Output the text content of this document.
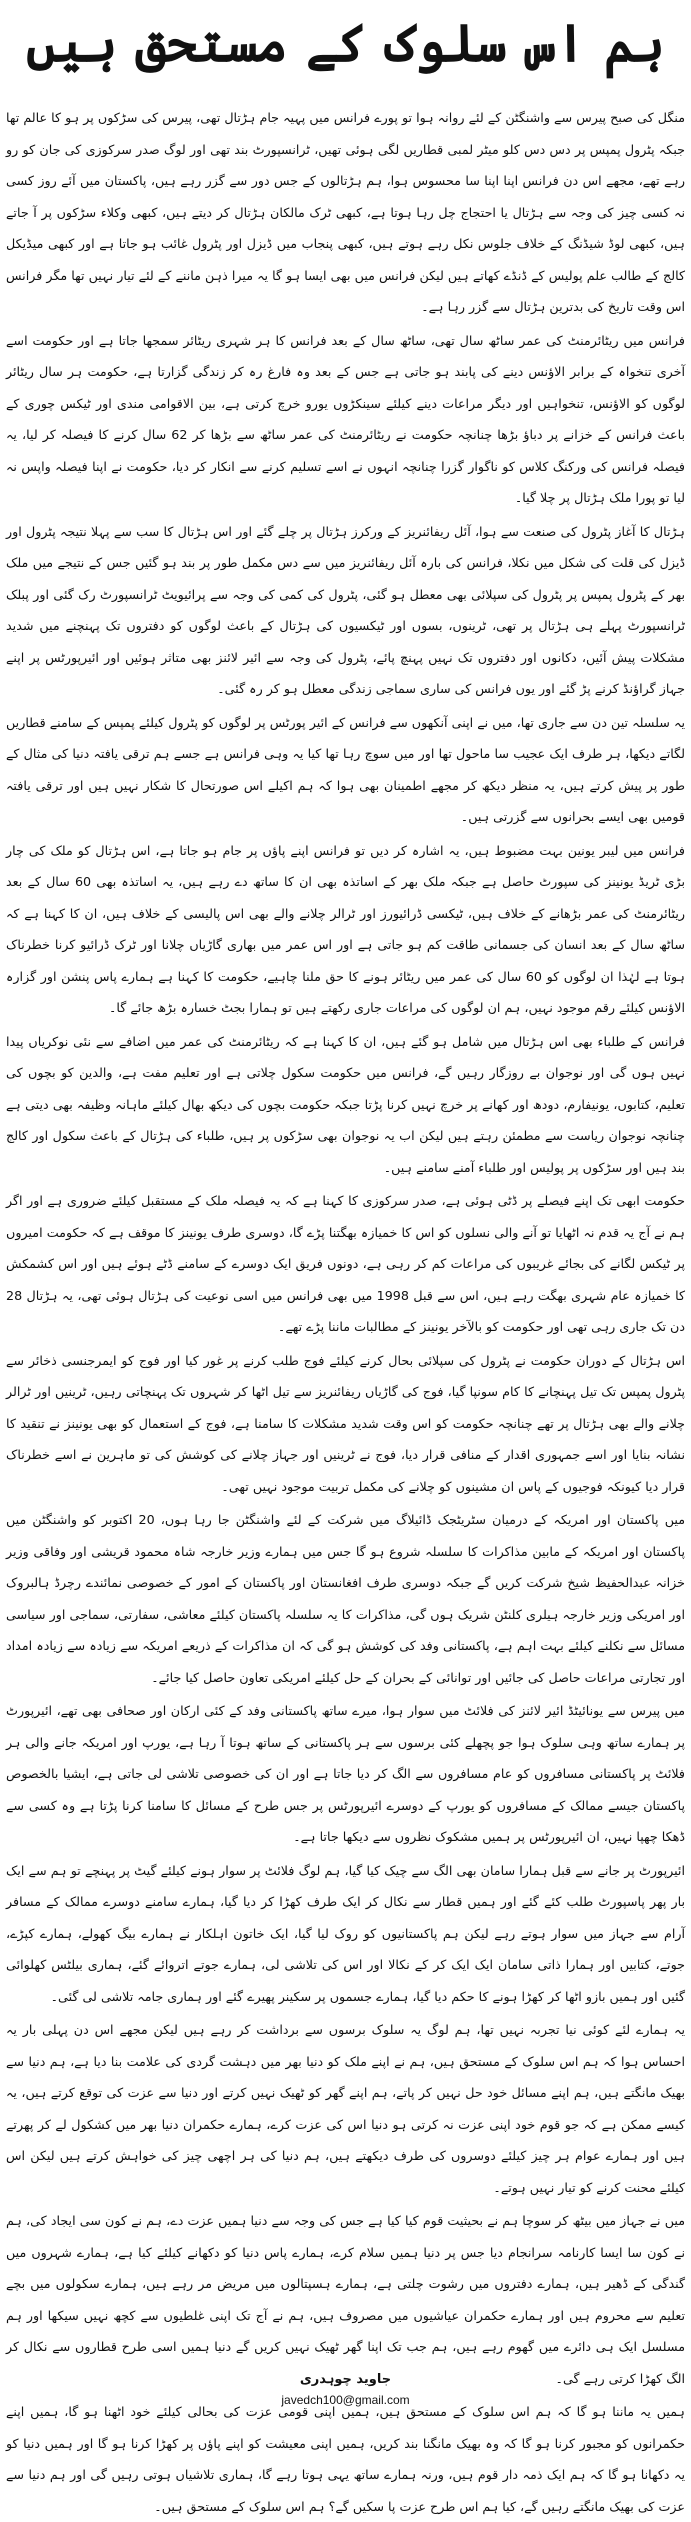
ہم اس سلوک کے مستحق ہیں

منگل کی صبح پیرس سے واشنگٹن کے لئے روانہ ہوا تو پورے فرانس میں پہیہ جام ہڑتال تھی، پیرس کی سڑکوں پر ہو کا عالم تھا جبکہ پٹرول پمپس پر دس دس کلو میٹر لمبی قطاریں لگی ہوئی تھیں، ٹرانسپورٹ بند تھی اور لوگ صدر سرکوزی کی جان کو رو رہے تھے، مجھے اس دن فرانس اپنا اپنا سا محسوس ہوا، ہم ہڑتالوں کے جس دور سے گزر رہے ہیں، پاکستان میں آئے روز کسی نہ کسی چیز کی وجہ سے ہڑتال یا احتجاج چل رہا ہوتا ہے، کبھی ٹرک مالکان ہڑتال کر دیتے ہیں، کبھی وکلاء سڑکوں پر آ جاتے ہیں، کبھی لوڈ شیڈنگ کے خلاف جلوس نکل رہے ہوتے ہیں، کبھی پنجاب میں ڈیزل اور پٹرول غائب ہو جاتا ہے اور کبھی میڈیکل کالج کے طالب علم پولیس کے ڈنڈے کھاتے ہیں لیکن فرانس میں بھی ایسا ہو گا یہ میرا ذہن ماننے کے لئے تیار نہیں تھا مگر فرانس اس وقت تاریخ کی بدترین ہڑتال سے گزر رہا ہے۔

فرانس میں ریٹائرمنٹ کی عمر ساٹھ سال تھی، ساٹھ سال کے بعد فرانس کا ہر شہری ریٹائر سمجھا جاتا ہے اور حکومت اسے آخری تنخواہ کے برابر الاؤنس دینے کی پابند ہو جاتی ہے جس کے بعد وہ فارغ رہ کر زندگی گزارتا ہے، حکومت ہر سال ریٹائر لوگوں کو الاؤنس، تنخواہیں اور دیگر مراعات دینے کیلئے سینکڑوں یورو خرچ کرتی ہے، بین الاقوامی مندی اور ٹیکس چوری کے باعث فرانس کے خزانے پر دباؤ بڑھا چنانچہ حکومت نے ریٹائرمنٹ کی عمر ساٹھ سے بڑھا کر 62 سال کرنے کا فیصلہ کر لیا، یہ فیصلہ فرانس کی ورکنگ کلاس کو ناگوار گزرا چنانچہ انہوں نے اسے تسلیم کرنے سے انکار کر دیا، حکومت نے اپنا فیصلہ واپس نہ لیا تو پورا ملک ہڑتال پر چلا گیا۔

ہڑتال کا آغاز پٹرول کی صنعت سے ہوا، آئل ریفائنریز کے ورکرز ہڑتال پر چلے گئے اور اس ہڑتال کا سب سے پہلا نتیجہ پٹرول اور ڈیزل کی قلت کی شکل میں نکلا، فرانس کی بارہ آئل ریفائنریز میں سے دس مکمل طور پر بند ہو گئیں جس کے نتیجے میں ملک بھر کے پٹرول پمپس پر پٹرول کی سپلائی بھی معطل ہو گئی، پٹرول کی کمی کی وجہ سے پرائیویٹ ٹرانسپورٹ رک گئی اور پبلک ٹرانسپورٹ پہلے ہی ہڑتال پر تھی، ٹرینوں، بسوں اور ٹیکسیوں کی ہڑتال کے باعث لوگوں کو دفتروں تک پہنچنے میں شدید مشکلات پیش آئیں، دکانوں اور دفتروں تک نہیں پہنچ پائے، پٹرول کی وجہ سے ائیر لائنز بھی متاثر ہوئیں اور ائیرپورٹس پر اپنے جہاز گراؤنڈ کرنے پڑ گئے اور یوں فرانس کی ساری سماجی زندگی معطل ہو کر رہ گئی۔

یہ سلسلہ تین دن سے جاری تھا، میں نے اپنی آنکھوں سے فرانس کے ائیر پورٹس پر لوگوں کو پٹرول کیلئے پمپس کے سامنے قطاریں لگاتے دیکھا، ہر طرف ایک عجیب سا ماحول تھا اور میں سوچ رہا تھا کیا یہ وہی فرانس ہے جسے ہم ترقی یافتہ دنیا کی مثال کے طور پر پیش کرتے ہیں، یہ منظر دیکھ کر مجھے اطمینان بھی ہوا کہ ہم اکیلے اس صورتحال کا شکار نہیں ہیں اور ترقی یافتہ قومیں بھی ایسے بحرانوں سے گزرتی ہیں۔

فرانس میں لیبر یونین بہت مضبوط ہیں، یہ اشارہ کر دیں تو فرانس اپنے پاؤں پر جام ہو جاتا ہے، اس ہڑتال کو ملک کی چار بڑی ٹریڈ یونینز کی سپورٹ حاصل ہے جبکہ ملک بھر کے اساتذہ بھی ان کا ساتھ دے رہے ہیں، یہ اساتذہ بھی 60 سال کے بعد ریٹائرمنٹ کی عمر بڑھانے کے خلاف ہیں، ٹیکسی ڈرائیورز اور ٹرالر چلانے والے بھی اس پالیسی کے خلاف ہیں، ان کا کہنا ہے کہ ساٹھ سال کے بعد انسان کی جسمانی طاقت کم ہو جاتی ہے اور اس عمر میں بھاری گاڑیاں چلانا اور ٹرک ڈرائیو کرنا خطرناک ہوتا ہے لہٰذا ان لوگوں کو 60 سال کی عمر میں ریٹائر ہونے کا حق ملنا چاہیے، حکومت کا کہنا ہے ہمارے پاس پنشن اور گزارہ الاؤنس کیلئے رقم موجود نہیں، ہم ان لوگوں کی مراعات جاری رکھتے ہیں تو ہمارا بجٹ خسارہ بڑھ جائے گا۔

فرانس کے طلباء بھی اس ہڑتال میں شامل ہو گئے ہیں، ان کا کہنا ہے کہ ریٹائرمنٹ کی عمر میں اضافے سے نئی نوکریاں پیدا نہیں ہوں گی اور نوجوان بے روزگار رہیں گے، فرانس میں حکومت سکول چلاتی ہے اور تعلیم مفت ہے، والدین کو بچوں کی تعلیم، کتابوں، یونیفارم، دودھ اور کھانے پر خرچ نہیں کرنا پڑتا جبکہ حکومت بچوں کی دیکھ بھال کیلئے ماہانہ وظیفہ بھی دیتی ہے چنانچہ نوجوان ریاست سے مطمئن رہتے ہیں لیکن اب یہ نوجوان بھی سڑکوں پر ہیں، طلباء کی ہڑتال کے باعث سکول اور کالج بند ہیں اور سڑکوں پر پولیس اور طلباء آمنے سامنے ہیں۔

حکومت ابھی تک اپنے فیصلے پر ڈٹی ہوئی ہے، صدر سرکوزی کا کہنا ہے کہ یہ فیصلہ ملک کے مستقبل کیلئے ضروری ہے اور اگر ہم نے آج یہ قدم نہ اٹھایا تو آنے والی نسلوں کو اس کا خمیازہ بھگتنا پڑے گا، دوسری طرف یونینز کا موقف ہے کہ حکومت امیروں پر ٹیکس لگانے کی بجائے غریبوں کی مراعات کم کر رہی ہے، دونوں فریق ایک دوسرے کے سامنے ڈٹے ہوئے ہیں اور اس کشمکش کا خمیازہ عام شہری بھگت رہے ہیں، اس سے قبل 1998 میں بھی فرانس میں اسی نوعیت کی ہڑتال ہوئی تھی، یہ ہڑتال 28 دن تک جاری رہی تھی اور حکومت کو بالآخر یونینز کے مطالبات ماننا پڑے تھے۔

اس ہڑتال کے دوران حکومت نے پٹرول کی سپلائی بحال کرنے کیلئے فوج طلب کرنے پر غور کیا اور فوج کو ایمرجنسی ذخائر سے پٹرول پمپس تک تیل پہنچانے کا کام سونپا گیا، فوج کی گاڑیاں ریفائنریز سے تیل اٹھا کر شہروں تک پہنچاتی رہیں، ٹرینیں اور ٹرالر چلانے والے بھی ہڑتال پر تھے چنانچہ حکومت کو اس وقت شدید مشکلات کا سامنا ہے، فوج کے استعمال کو بھی یونینز نے تنقید کا نشانہ بنایا اور اسے جمہوری اقدار کے منافی قرار دیا، فوج نے ٹرینیں اور جہاز چلانے کی کوشش کی تو ماہرین نے اسے خطرناک قرار دیا کیونکہ فوجیوں کے پاس ان مشینوں کو چلانے کی مکمل تربیت موجود نہیں تھی۔

میں پاکستان اور امریکہ کے درمیان سٹریٹجک ڈائیلاگ میں شرکت کے لئے واشنگٹن جا رہا ہوں، 20 اکتوبر کو واشنگٹن میں پاکستان اور امریکہ کے مابین مذاکرات کا سلسلہ شروع ہو گا جس میں ہمارے وزیر خارجہ شاہ محمود قریشی اور وفاقی وزیر خزانہ عبدالحفیظ شیخ شرکت کریں گے جبکہ دوسری طرف افغانستان اور پاکستان کے امور کے خصوصی نمائندے رچرڈ ہالبروک اور امریکی وزیر خارجہ ہیلری کلنٹن شریک ہوں گی، مذاکرات کا یہ سلسلہ پاکستان کیلئے معاشی، سفارتی، سماجی اور سیاسی مسائل سے نکلنے کیلئے بہت اہم ہے، پاکستانی وفد کی کوشش ہو گی کہ ان مذاکرات کے ذریعے امریکہ سے زیادہ سے زیادہ امداد اور تجارتی مراعات حاصل کی جائیں اور توانائی کے بحران کے حل کیلئے امریکی تعاون حاصل کیا جائے۔

میں پیرس سے یونائیٹڈ ائیر لائنز کی فلائٹ میں سوار ہوا، میرے ساتھ پاکستانی وفد کے کئی ارکان اور صحافی بھی تھے، ائیرپورٹ پر ہمارے ساتھ وہی سلوک ہوا جو پچھلے کئی برسوں سے ہر پاکستانی کے ساتھ ہوتا آ رہا ہے، یورپ اور امریکہ جانے والی ہر فلائٹ پر پاکستانی مسافروں کو عام مسافروں سے الگ کر دیا جاتا ہے اور ان کی خصوصی تلاشی لی جاتی ہے، ایشیا بالخصوص پاکستان جیسے ممالک کے مسافروں کو یورپ کے دوسرے ائیرپورٹس پر جس طرح کے مسائل کا سامنا کرنا پڑتا ہے وہ کسی سے ڈھکا چھپا نہیں، ان ائیرپورٹس پر ہمیں مشکوک نظروں سے دیکھا جاتا ہے۔

ائیرپورٹ پر جانے سے قبل ہمارا سامان بھی الگ سے چیک کیا گیا، ہم لوگ فلائٹ پر سوار ہونے کیلئے گیٹ پر پہنچے تو ہم سے ایک بار پھر پاسپورٹ طلب کئے گئے اور ہمیں قطار سے نکال کر ایک طرف کھڑا کر دیا گیا، ہمارے سامنے دوسرے ممالک کے مسافر آرام سے جہاز میں سوار ہوتے رہے لیکن ہم پاکستانیوں کو روک لیا گیا، ایک خاتون اہلکار نے ہمارے بیگ کھولے، ہمارے کپڑے، جوتے، کتابیں اور ہمارا ذاتی سامان ایک ایک کر کے نکالا اور اس کی تلاشی لی، ہمارے جوتے اتروائے گئے، ہماری بیلٹس کھلوائی گئیں اور ہمیں بازو اٹھا کر کھڑا ہونے کا حکم دیا گیا، ہمارے جسموں پر سکینر پھیرے گئے اور ہماری جامہ تلاشی لی گئی۔

یہ ہمارے لئے کوئی نیا تجربہ نہیں تھا، ہم لوگ یہ سلوک برسوں سے برداشت کر رہے ہیں لیکن مجھے اس دن پہلی بار یہ احساس ہوا کہ ہم اس سلوک کے مستحق ہیں، ہم نے اپنے ملک کو دنیا بھر میں دہشت گردی کی علامت بنا دیا ہے، ہم دنیا سے بھیک مانگتے ہیں، ہم اپنے مسائل خود حل نہیں کر پاتے، ہم اپنے گھر کو ٹھیک نہیں کرتے اور دنیا سے عزت کی توقع کرتے ہیں، یہ کیسے ممکن ہے کہ جو قوم خود اپنی عزت نہ کرتی ہو دنیا اس کی عزت کرے، ہمارے حکمران دنیا بھر میں کشکول لے کر پھرتے ہیں اور ہمارے عوام ہر چیز کیلئے دوسروں کی طرف دیکھتے ہیں، ہم دنیا کی ہر اچھی چیز کی خواہش کرتے ہیں لیکن اس کیلئے محنت کرنے کو تیار نہیں ہوتے۔

میں نے جہاز میں بیٹھ کر سوچا ہم نے بحیثیت قوم کیا کیا ہے جس کی وجہ سے دنیا ہمیں عزت دے، ہم نے کون سی ایجاد کی، ہم نے کون سا ایسا کارنامہ سرانجام دیا جس پر دنیا ہمیں سلام کرے، ہمارے پاس دنیا کو دکھانے کیلئے کیا ہے، ہمارے شہروں میں گندگی کے ڈھیر ہیں، ہمارے دفتروں میں رشوت چلتی ہے، ہمارے ہسپتالوں میں مریض مر رہے ہیں، ہمارے سکولوں میں بچے تعلیم سے محروم ہیں اور ہمارے حکمران عیاشیوں میں مصروف ہیں، ہم نے آج تک اپنی غلطیوں سے کچھ نہیں سیکھا اور ہم مسلسل ایک ہی دائرے میں گھوم رہے ہیں، ہم جب تک اپنا گھر ٹھیک نہیں کریں گے دنیا ہمیں اسی طرح قطاروں سے نکال کر الگ کھڑا کرتی رہے گی۔

ہمیں یہ ماننا ہو گا کہ ہم اس سلوک کے مستحق ہیں، ہمیں اپنی قومی عزت کی بحالی کیلئے خود اٹھنا ہو گا، ہمیں اپنے حکمرانوں کو مجبور کرنا ہو گا کہ وہ بھیک مانگنا بند کریں، ہمیں اپنی معیشت کو اپنے پاؤں پر کھڑا کرنا ہو گا اور ہمیں دنیا کو یہ دکھانا ہو گا کہ ہم ایک ذمہ دار قوم ہیں، ورنہ ہمارے ساتھ یہی ہوتا رہے گا، ہماری تلاشیاں ہوتی رہیں گی اور ہم دنیا سے عزت کی بھیک مانگتے رہیں گے، کیا ہم اس طرح عزت پا سکیں گے؟ ہم اس سلوک کے مستحق ہیں۔

جاوید چوہدری
javedch100@gmail.com
